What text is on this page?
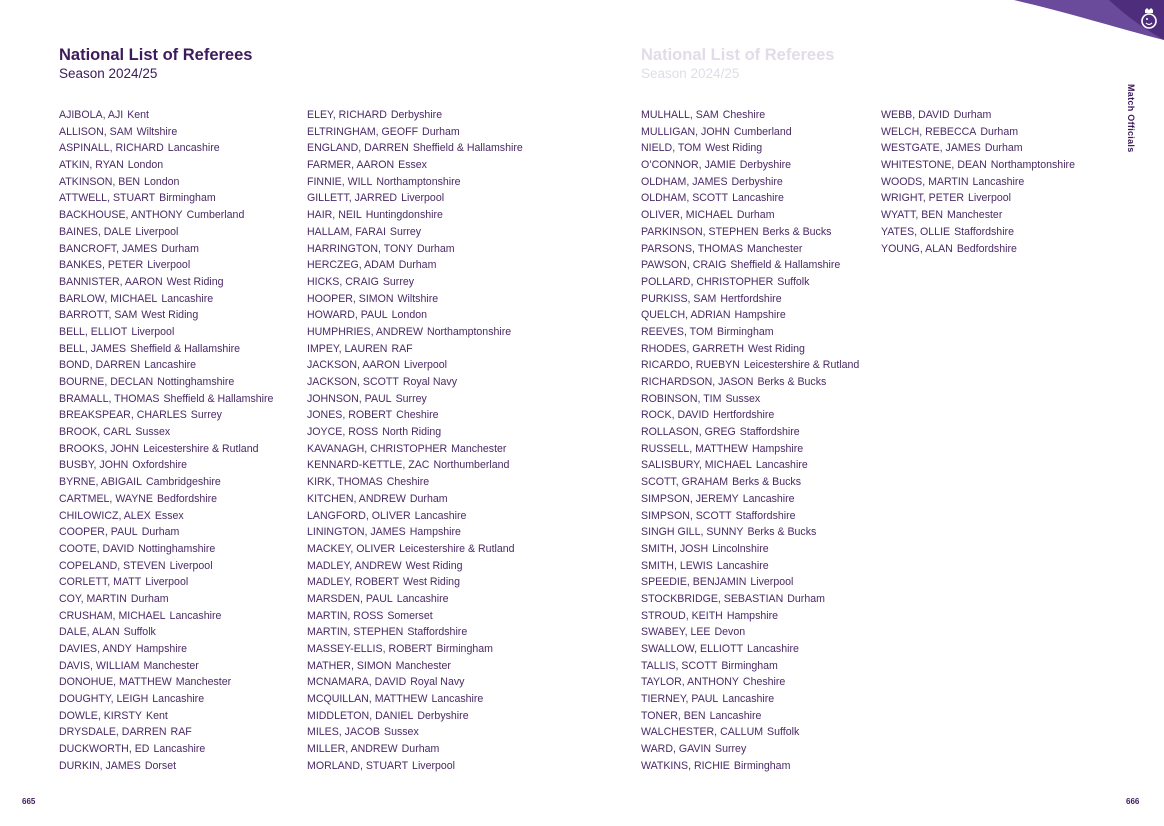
National List of Referees
Season 2024/25
AJIBOLA, AJI Kent
ALLISON, SAM Wiltshire
ASPINALL, RICHARD Lancashire
ATKIN, RYAN London
ATKINSON, BEN London
ATTWELL, STUART Birmingham
BACKHOUSE, ANTHONY Cumberland
BAINES, DALE Liverpool
BANCROFT, JAMES Durham
BANKES, PETER Liverpool
BANNISTER, AARON West Riding
BARLOW, MICHAEL Lancashire
BARROTT, SAM West Riding
BELL, ELLIOT Liverpool
BELL, JAMES Sheffield & Hallamshire
BOND, DARREN Lancashire
BOURNE, DECLAN Nottinghamshire
BRAMALL, THOMAS Sheffield & Hallamshire
BREAKSPEAR, CHARLES Surrey
BROOK, CARL Sussex
BROOKS, JOHN Leicestershire & Rutland
BUSBY, JOHN Oxfordshire
BYRNE, ABIGAIL Cambridgeshire
CARTMEL, WAYNE Bedfordshire
CHILOWICZ, ALEX Essex
COOPER, PAUL Durham
COOTE, DAVID Nottinghamshire
COPELAND, STEVEN Liverpool
CORLETT, MATT Liverpool
COY, MARTIN Durham
CRUSHAM, MICHAEL Lancashire
DALE, ALAN Suffolk
DAVIES, ANDY Hampshire
DAVIS, WILLIAM Manchester
DONOHUE, MATTHEW Manchester
DOUGHTY, LEIGH Lancashire
DOWLE, KIRSTY Kent
DRYSDALE, DARREN RAF
DUCKWORTH, ED Lancashire
DURKIN, JAMES Dorset
ELEY, RICHARD Derbyshire
ELTRINGHAM, GEOFF Durham
ENGLAND, DARREN Sheffield & Hallamshire
FARMER, AARON Essex
FINNIE, WILL Northamptonshire
GILLETT, JARRED Liverpool
HAIR, NEIL Huntingdonshire
HALLAM, FARAI Surrey
HARRINGTON, TONY Durham
HERCZEG, ADAM Durham
HICKS, CRAIG Surrey
HOOPER, SIMON Wiltshire
HOWARD, PAUL London
HUMPHRIES, ANDREW Northamptonshire
IMPEY, LAUREN RAF
JACKSON, AARON Liverpool
JACKSON, SCOTT Royal Navy
JOHNSON, PAUL Surrey
JONES, ROBERT Cheshire
JOYCE, ROSS North Riding
KAVANAGH, CHRISTOPHER Manchester
KENNARD-KETTLE, ZAC Northumberland
KIRK, THOMAS Cheshire
KITCHEN, ANDREW Durham
LANGFORD, OLIVER Lancashire
LININGTON, JAMES Hampshire
MACKEY, OLIVER Leicestershire & Rutland
MADLEY, ANDREW West Riding
MADLEY, ROBERT West Riding
MARSDEN, PAUL Lancashire
MARTIN, ROSS Somerset
MARTIN, STEPHEN Staffordshire
MASSEY-ELLIS, ROBERT Birmingham
MATHER, SIMON Manchester
MCNAMARA, DAVID Royal Navy
MCQUILLAN, MATTHEW Lancashire
MIDDLETON, DANIEL Derbyshire
MILES, JACOB Sussex
MILLER, ANDREW Durham
MORLAND, STUART Liverpool
665
National List of Referees
Season 2024/25
MULHALL, SAM Cheshire
MULLIGAN, JOHN Cumberland
NIELD, TOM West Riding
O’CONNOR, JAMIE Derbyshire
OLDHAM, JAMES Derbyshire
OLDHAM, SCOTT Lancashire
OLIVER, MICHAEL Durham
PARKINSON, STEPHEN Berks & Bucks
PARSONS, THOMAS Manchester
PAWSON, CRAIG Sheffield & Hallamshire
POLLARD, CHRISTOPHER Suffolk
PURKISS, SAM Hertfordshire
QUELCH, ADRIAN Hampshire
REEVES, TOM Birmingham
RHODES, GARRETH West Riding
RICARDO, RUEBYN Leicestershire & Rutland
RICHARDSON, JASON Berks & Bucks
ROBINSON, TIM Sussex
ROCK, DAVID Hertfordshire
ROLLASON, GREG Staffordshire
RUSSELL, MATTHEW Hampshire
SALISBURY, MICHAEL Lancashire
SCOTT, GRAHAM Berks & Bucks
SIMPSON, JEREMY Lancashire
SIMPSON, SCOTT Staffordshire
SINGH GILL, SUNNY Berks & Bucks
SMITH, JOSH Lincolnshire
SMITH, LEWIS Lancashire
SPEEDIE, BENJAMIN Liverpool
STOCKBRIDGE, SEBASTIAN Durham
STROUD, KEITH Hampshire
SWABEY, LEE Devon
SWALLOW, ELLIOTT Lancashire
TALLIS, SCOTT Birmingham
TAYLOR, ANTHONY Cheshire
TIERNEY, PAUL Lancashire
TONER, BEN Lancashire
WALCHESTER, CALLUM Suffolk
WARD, GAVIN Surrey
WATKINS, RICHIE Birmingham
WEBB, DAVID Durham
WELCH, REBECCA Durham
WESTGATE, JAMES Durham
WHITESTONE, DEAN Northamptonshire
WOODS, MARTIN Lancashire
WRIGHT, PETER Liverpool
WYATT, BEN Manchester
YATES, OLLIE Staffordshire
YOUNG, ALAN Bedfordshire
666
Match Officials
